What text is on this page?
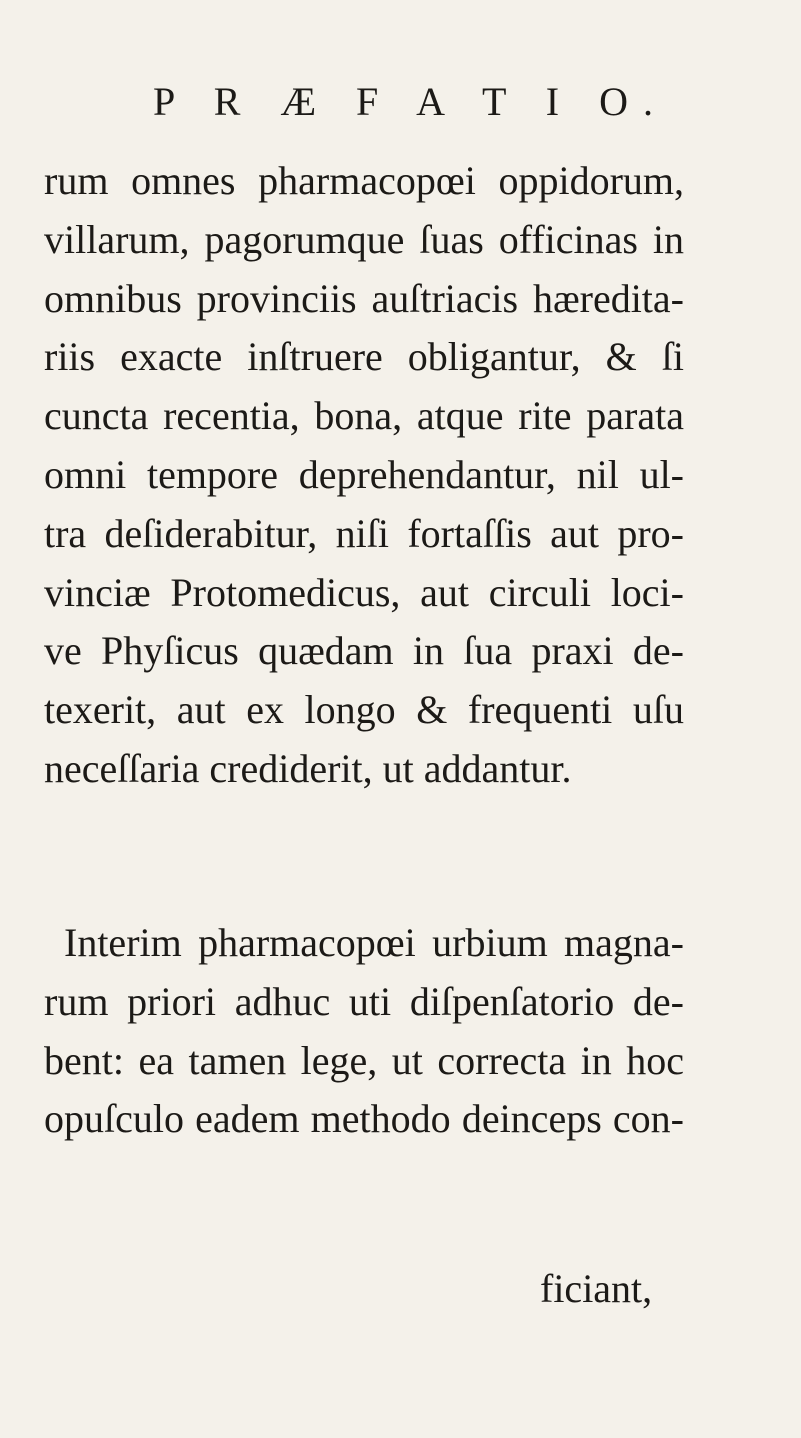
P R Æ F A T I O.
rum omnes pharmacopœi oppidorum,
villarum, pagorumque ſuas officinas in
omnibus provinciis auſtriacis hæredita-
riis exacte inſtruere obligantur, & ſi
cuncta recentia, bona, atque rite parata
omni tempore deprehendantur, nil ul-
tra deſiderabitur, niſi fortaſſis aut pro-
vinciæ Protomedicus, aut circuli loci-
ve Phyſicus quædam in ſua praxi de-
texerit, aut ex longo & frequenti uſu
neceſſaria crediderit, ut addantur.
Interim pharmacopœi urbium magna-
rum priori adhuc uti diſpenſatorio de-
bent: ea tamen lege, ut correcta in hoc
opuſculo eadem methodo deinceps con-
ficiant,
